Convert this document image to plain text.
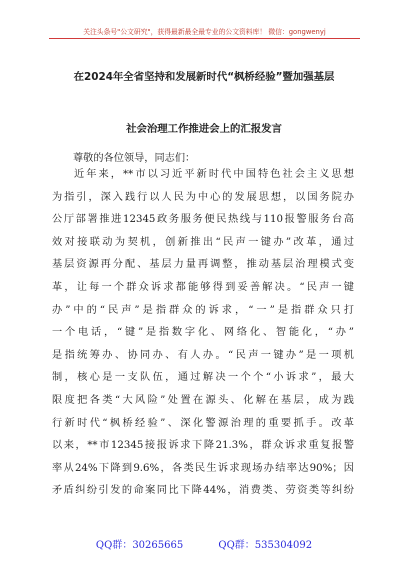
关注头条号"公文研究"，获得最新最全最专业的公文资料库！ 微信：gongwenyj
在2024年全省坚持和发展新时代“枫桥经验”暨加强基层
社会治理工作推进会上的汇报发言
尊敬的各位领导，同志们：
近年来，**市以习近平新时代中国特色社会主义思想
为指引，深入践行以人民为中心的发展思想，以国务院办
公厅部署推进12345政务服务便民热线与110报警服务台高
效对接联动为契机，创新推出“民声一键办”改革，通过
基层资源再分配、基层力量再调整，推动基层治理模式变
革，让每一个群众诉求都能够得到妥善解决。“民声一键
办”中的“民声”是指群众的诉求，“一”是指群众只打
一个电话，“键”是指数字化、网络化、智能化，“办”
是指统筹办、协同办、有人办。“民声一键办”是一项机
制，核心是一支队伍，通过解决一个个“小诉求”，最大
限度把各类“大风险”处置在源头、化解在基层，成为践
行新时代“枫桥经验”、深化警源治理的重要抓手。改革
以来，**市12345接报诉求下降21.3%，群众诉求重复报警
率从24%下降到9.6%，各类民生诉求现场办结率达90%；因
矛盾纠纷引发的命案同比下降44%，消费类、劳资类等纠纷
QQ群：30265665	QQ群：535304092
